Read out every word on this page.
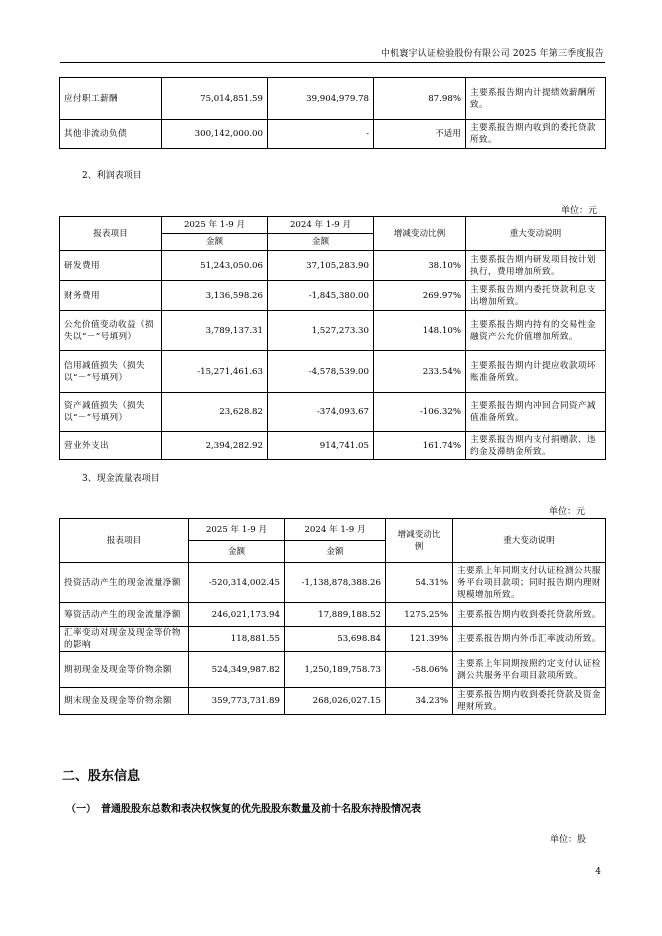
中机寰宇认证检验股份有限公司 2025 年第三季度报告
应付职工薪酬	75,014,851.59	39,904,979.78	87.98%	主要系报告期内计提绩效薪酬所致。
其他非流动负债	300,142,000.00	-	不适用	主要系报告期内收到的委托贷款所致。
2、利润表项目
单位：元
报表项目	2025 年 1-9 月	2024 年 1-9 月	增减变动比例	重大变动说明
	金额	金额		
研发费用	51,243,050.06	37,105,283.90	38.10%	主要系报告期内研发项目按计划执行，费用增加所致。
财务费用	3,136,598.26	-1,845,380.00	269.97%	主要系报告期内委托贷款利息支出增加所致。
公允价值变动收益（损失以“－”号填列）	3,789,137.31	1,527,273.30	148.10%	主要系报告期内持有的交易性金融资产公允价值增加所致。
信用减值损失（损失以“－”号填列）	-15,271,461.63	-4,578,539.00	233.54%	主要系报告期内计提应收款项坏账准备所致。
资产减值损失（损失以“－”号填列）	23,628.82	-374,093.67	-106.32%	主要系报告期内冲回合同资产减值准备所致。
营业外支出	2,394,282.92	914,741.05	161.74%	主要系报告期内支付捐赠款、违约金及滞纳金所致。
3、现金流量表项目
单位：元
报表项目	2025 年 1-9 月	2024 年 1-9 月	增减变动比例	重大变动说明
	金额	金额		
投资活动产生的现金流量净额	-520,314,002.45	-1,138,878,388.26	54.31%	主要系上年同期支付认证检测公共服务平台项目款项；同时报告期内理财规模增加所致。
筹资活动产生的现金流量净额	246,021,173.94	17,889,188.52	1275.25%	主要系报告期内收到委托贷款所致。
汇率变动对现金及现金等价物的影响	118,881.55	53,698.84	121.39%	主要系报告期内外币汇率波动所致。
期初现金及现金等价物余额	524,349,987.82	1,250,189,758.73	-58.06%	主要系上年同期按照约定支付认证检测公共服务平台项目款项所致。
期末现金及现金等价物余额	359,773,731.89	268,026,027.15	34.23%	主要系报告期内收到委托贷款及资金理财所致。
二、股东信息
（一）　普通股股东总数和表决权恢复的优先股股东数量及前十名股东持股情况表
单位：股
4
